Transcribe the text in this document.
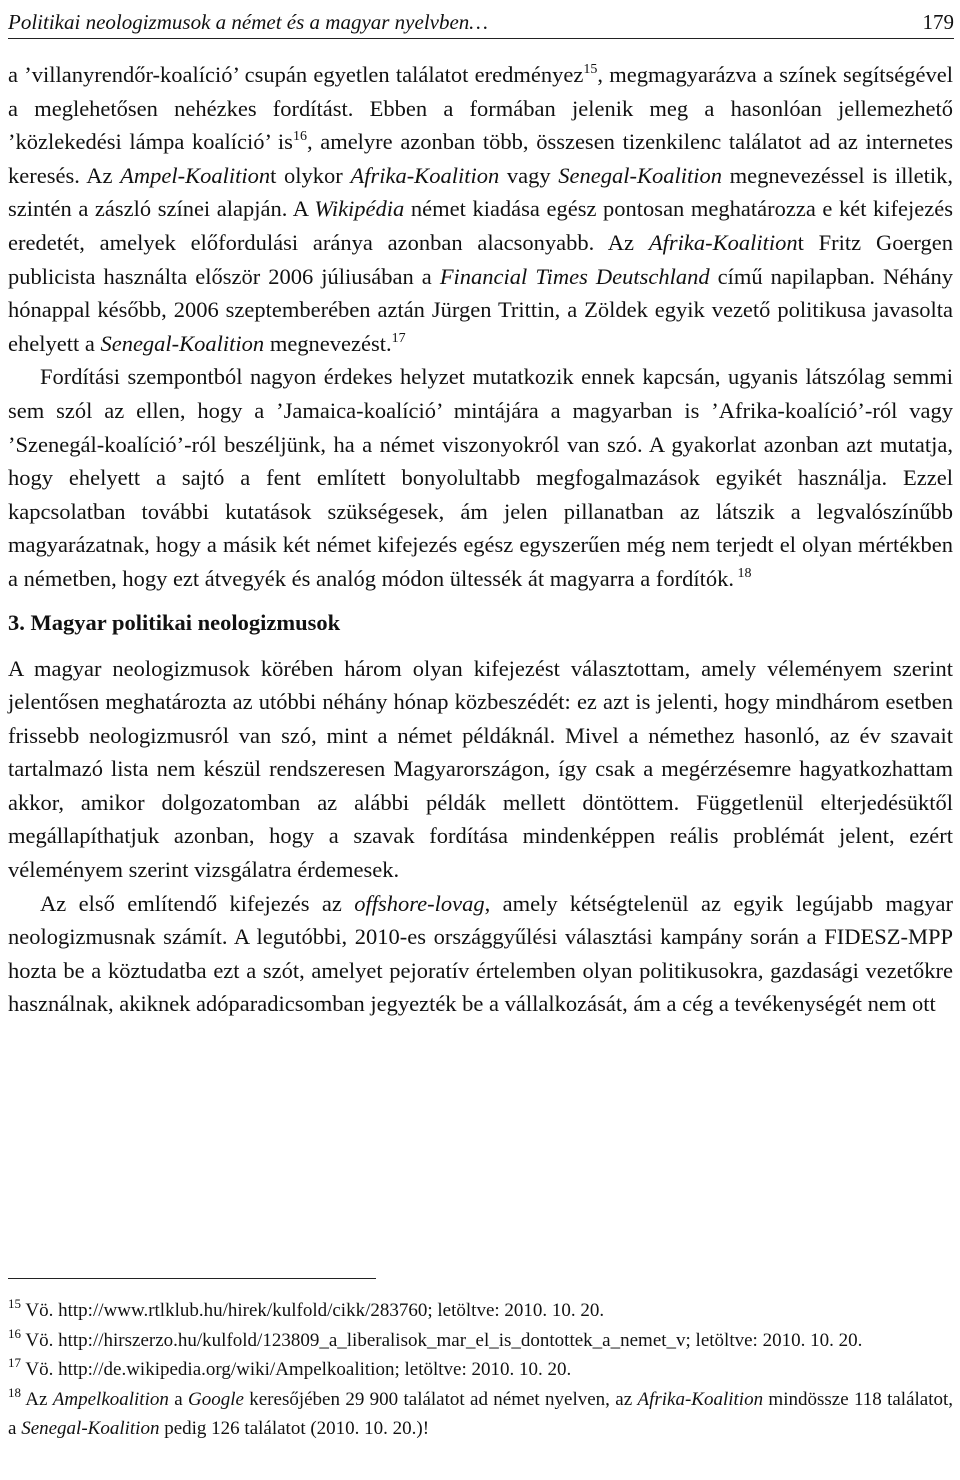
Politikai neologizmusok a német és a magyar nyelvben…	179

a ’villanyrendőr-koalíció’ csupán egyetlen találatot eredményez$^{15}$, megmagyarázva a színek segítségével a meglehetősen nehézkes fordítást. Ebben a formában jelenik meg a hasonlóan jellemezhető ’közlekedési lámpa koalíció’ $is^{16}$, amelyre azonban több, összesen tizenkilenc találatot ad az internetes keresés. Az Ampel-Koalitiont olykor Afrika-Koalition vagy Senegal-Koalition megnevezéssel is illetik, szintén a zászló színei alapján. A Wikipédia német kiadása egész pontosan meghatározza e két kifejezés eredetét, amelyek előfordulási aránya azonban alacsonyabb. Az Afrika-Koalitiont Fritz Goergen publicista használta először 2006 júliusában a Financial Times Deutschland című napilapban. Néhány hónappal később, 2006 szeptemberében aztán Jürgen Trittin, a Zöldek egyik vezető politikusa javasolta ehelyett a Senegal-Koalition megnevezést.$^{17}$

Fordítási szempontból nagyon érdekes helyzet mutatkozik ennek kapcsán, ugyanis látszólag semmi sem szól az ellen, hogy a ’Jamaica-koalíció’ mintájára a magyarban is ’Afrika-koalíció’-ról vagy ’Szenegál-koalíció’-ról beszéljünk, ha a német viszonyokról van szó. A gyakorlat azonban azt mutatja, hogy ehelyett a sajtó a fent említett bonyolultabb megfogalmazások egyikét használja. Ezzel kapcsolatban további kutatások szükségesek, ám jelen pillanatban az látszik a legvalószínűbb magyarázatnak, hogy a másik két német kifejezés egész egyszerűen még nem terjedt el olyan mértékben a németben, hogy ezt átvegyék és analóg módon ültessék át magyarra a fordítók. $^{18}$

3. Magyar politikai neologizmusok

A magyar neologizmusok körében három olyan kifejezést választottam, amely véleményem szerint jelentősen meghatározta az utóbbi néhány hónap közbeszédét: ez azt is jelenti, hogy mindhárom esetben frissebb neologizmusról van szó, mint a német példáknál. Mivel a némethez hasonló, az év szavait tartalmazó lista nem készül rendszeresen Magyarországon, így csak a megérzésemre hagyatkozhattam akkor, amikor dolgozatomban az alábbi példák mellett döntöttem. Függetlenül elterjedésüktől megállapíthatjuk azonban, hogy a szavak fordítása mindenképpen reális problémát jelent, ezért véleményem szerint vizsgálatra érdemesek.

Az első említendő kifejezés az offshore-lovag, amely kétségtelenül az egyik legújabb magyar neologizmusnak számít. A legutóbbi, 2010-es országgyűlési választási kampány során a FIDESZ-MPP hozta be a köztudatba ezt a szót, amelyet pejoratív értelemben olyan politikusokra, gazdasági vezetőkre használnak, akiknek adóparadicsomban jegyezték be a vállalkozását, ám a cég a tevékenységét nem ott

$^{15}$ Vö. http://www.rtlklub.hu/hirek/kulfold/cikk/283760; letöltve: 2010. 10. 20.

$^{16}$ Vö. http://hirszerzo.hu/kulfold/123809_a_liberalisok_mar_el_is_dontottek_a_nemet_v; letöltve: 2010. 10. 20.

$^{17}$ Vö. http://de.wikipedia.org/wiki/Ampelkoalition; letöltve: 2010. 10. 20.

$^{18}$ Az Ampelkoalition a Google keresőjében 29 900 találatot ad német nyelven, az Afrika-Koalition mindössze 118 találatot, a Senegal-Koalition pedig 126 találatot (2010. 10. 20.)!
